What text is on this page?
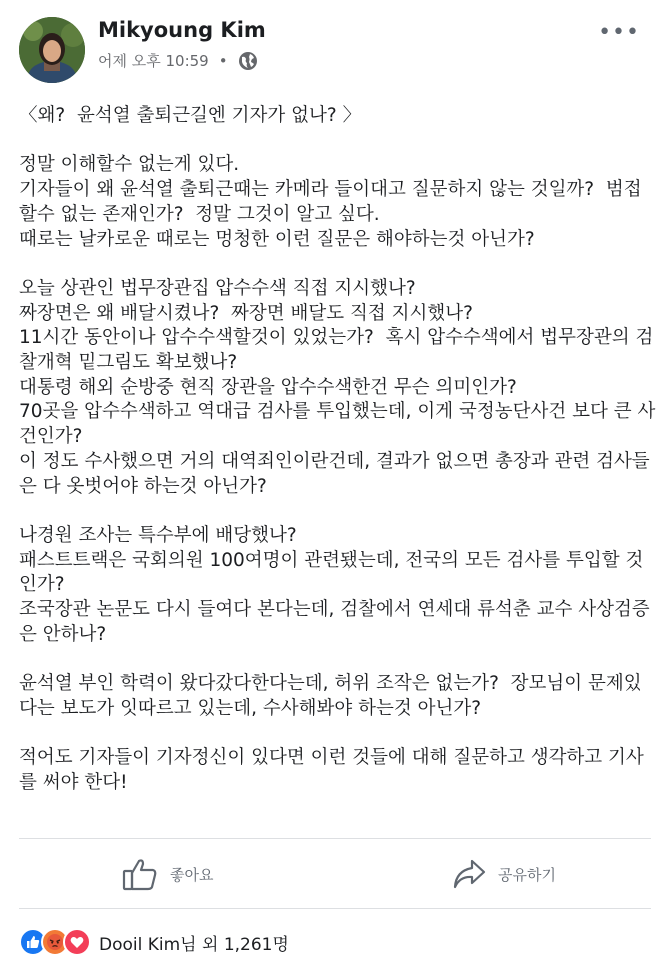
Mikyoung Kim
어제 오후 10:59 •
•••

〈왜?  윤석열 출퇴근길엔 기자가 없나? 〉

정말 이해할수 없는게 있다.
기자들이 왜 윤석열 출퇴근때는 카메라 들이대고 질문하지 않는 것일까?  범접할수 없는 존재인가?  정말 그것이 알고 싶다.
때로는 날카로운 때로는 멍청한 이런 질문은 해야하는것 아닌가?

오늘 상관인 법무장관집 압수수색 직접 지시했나?
짜장면은 왜 배달시켰나?  짜장면 배달도 직접 지시했나?
11시간 동안이나 압수수색할것이 있었는가?  혹시 압수수색에서 법무장관의 검찰개혁 밑그림도 확보했나?
대통령 해외 순방중 현직 장관을 압수수색한건 무슨 의미인가?
70곳을 압수수색하고 역대급 검사를 투입했는데, 이게 국정농단사건 보다 큰 사건인가?
이 정도 수사했으면 거의 대역죄인이란건데, 결과가 없으면 총장과 관련 검사들은 다 옷벗어야 하는것 아닌가?

나경원 조사는 특수부에 배당했나?
패스트트랙은 국회의원 100여명이 관련됐는데, 전국의 모든 검사를 투입할 것인가?
조국장관 논문도 다시 들여다 본다는데, 검찰에서 연세대 류석춘 교수 사상검증은 안하나?

윤석열 부인 학력이 왔다갔다한다는데, 허위 조작은 없는가?  장모님이 문제있다는 보도가 잇따르고 있는데, 수사해봐야 하는것 아닌가?

적어도 기자들이 기자정신이 있다면 이런 것들에 대해 질문하고 생각하고 기사를 써야 한다!

좋아요	공유하기
Dooil Kim님 외 1,261명
